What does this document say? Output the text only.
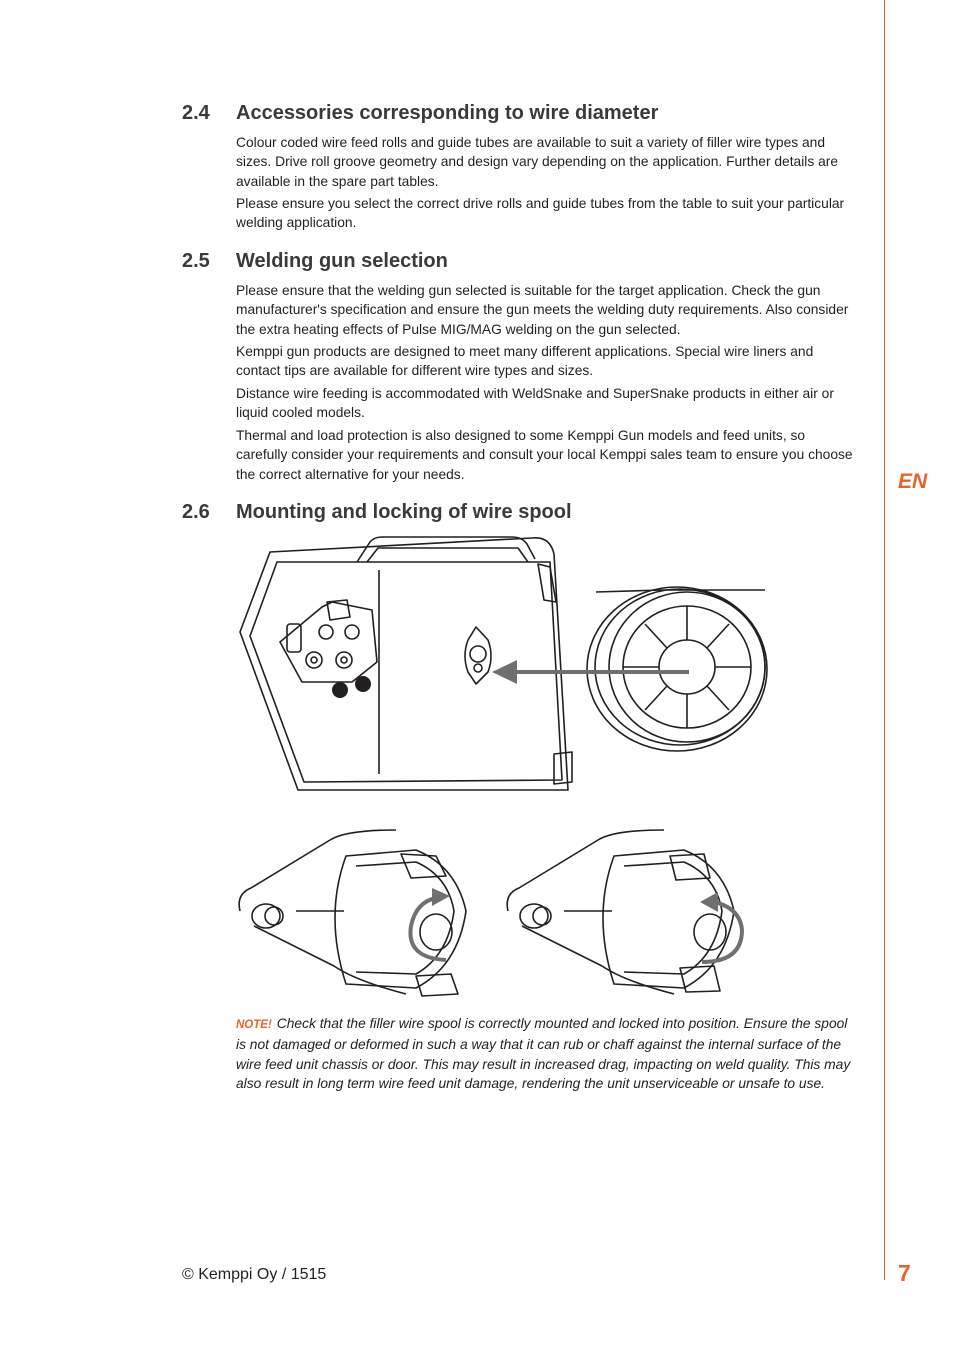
EN
2.4 Accessories corresponding to wire diameter

Colour coded wire feed rolls and guide tubes are available to suit a variety of filler wire types and sizes. Drive roll groove geometry and design vary depending on the application. Further details are available in the spare part tables.

Please ensure you select the correct drive rolls and guide tubes from the table to suit your particular welding application.

2.5 Welding gun selection

Please ensure that the welding gun selected is suitable for the target application. Check the gun manufacturer's specification and ensure the gun meets the welding duty requirements. Also consider the extra heating effects of Pulse MIG/MAG welding on the gun selected.

Kemppi gun products are designed to meet many different applications. Special wire liners and contact tips are available for different wire types and sizes.

Distance wire feeding is accommodated with WeldSnake and SuperSnake products in either air or liquid cooled models.

Thermal and load protection is also designed to some Kemppi Gun models and feed units, so carefully consider your requirements and consult your local Kemppi sales team to ensure you choose the correct alternative for your needs.

2.6 Mounting and locking of wire spool

NOTE! Check that the filler wire spool is correctly mounted and locked into position. Ensure the spool is not damaged or deformed in such a way that it can rub or chaff against the internal surface of the wire feed unit chassis or door. This may result in increased drag, impacting on weld quality. This may also result in long term wire feed unit damage, rendering the unit unserviceable or unsafe to use.

© Kemppi Oy / 1515	7
